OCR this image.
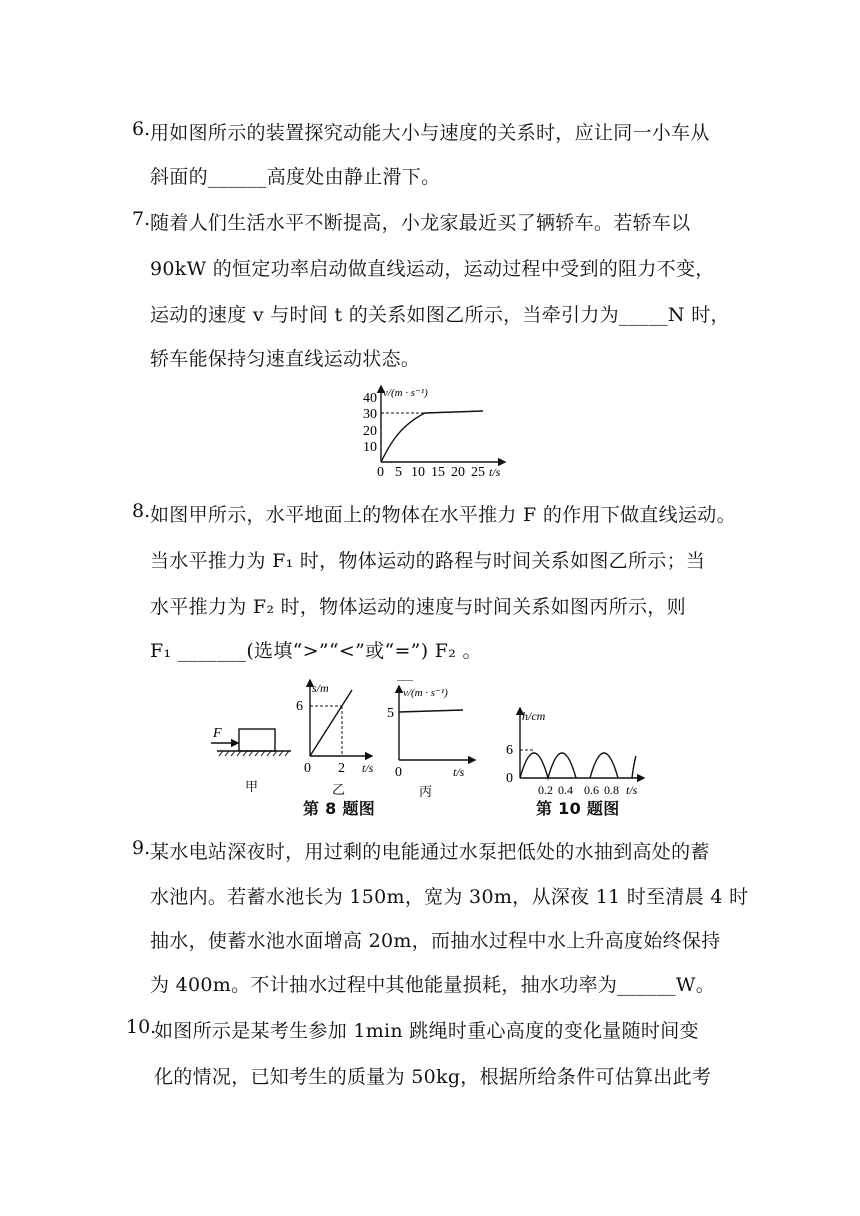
6. 用如图所示的装置探究动能大小与速度的关系时，应让同一小车从
斜面的______高度处由静止滑下。
7. 随着人们生活水平不断提高，小龙家最近买了辆轿车。若轿车以
90kW 的恒定功率启动做直线运动，运动过程中受到的阻力不变，
运动的速度 v 与时间 t 的关系如图乙所示，当牵引力为_____N 时，
轿车能保持匀速直线运动状态。
v/(m · s⁻¹)
40
30
20
10
0 5 10 15 20 25 t/s
8. 如图甲所示，水平地面上的物体在水平推力 F 的作用下做直线运动。
当水平推力为 F₁ 时，物体运动的路程与时间关系如图乙所示；当
水平推力为 F₂ 时，物体运动的速度与时间关系如图丙所示，则
F₁ _______(选填“>”“<”或“=”) F₂ 。
F
甲
s/m
6
0 2 t/s
乙
第 8 题图
v/(m · s⁻¹)
5
0	t/s
丙
h/cm
6
0
0.2 0.4 0.6 0.8 t/s
第 10 题图
9. 某水电站深夜时，用过剩的电能通过水泵把低处的水抽到高处的蓄
水池内。若蓄水池长为 150m，宽为 30m，从深夜 11 时至清晨 4 时
抽水，使蓄水池水面增高 20m，而抽水过程中水上升高度始终保持
为 400m。不计抽水过程中其他能量损耗，抽水功率为______W。
10.
如图所示是某考生参加 1min 跳绳时重心高度的变化量随时间变
化的情况，已知考生的质量为 50kg，根据所给条件可估算出此考
